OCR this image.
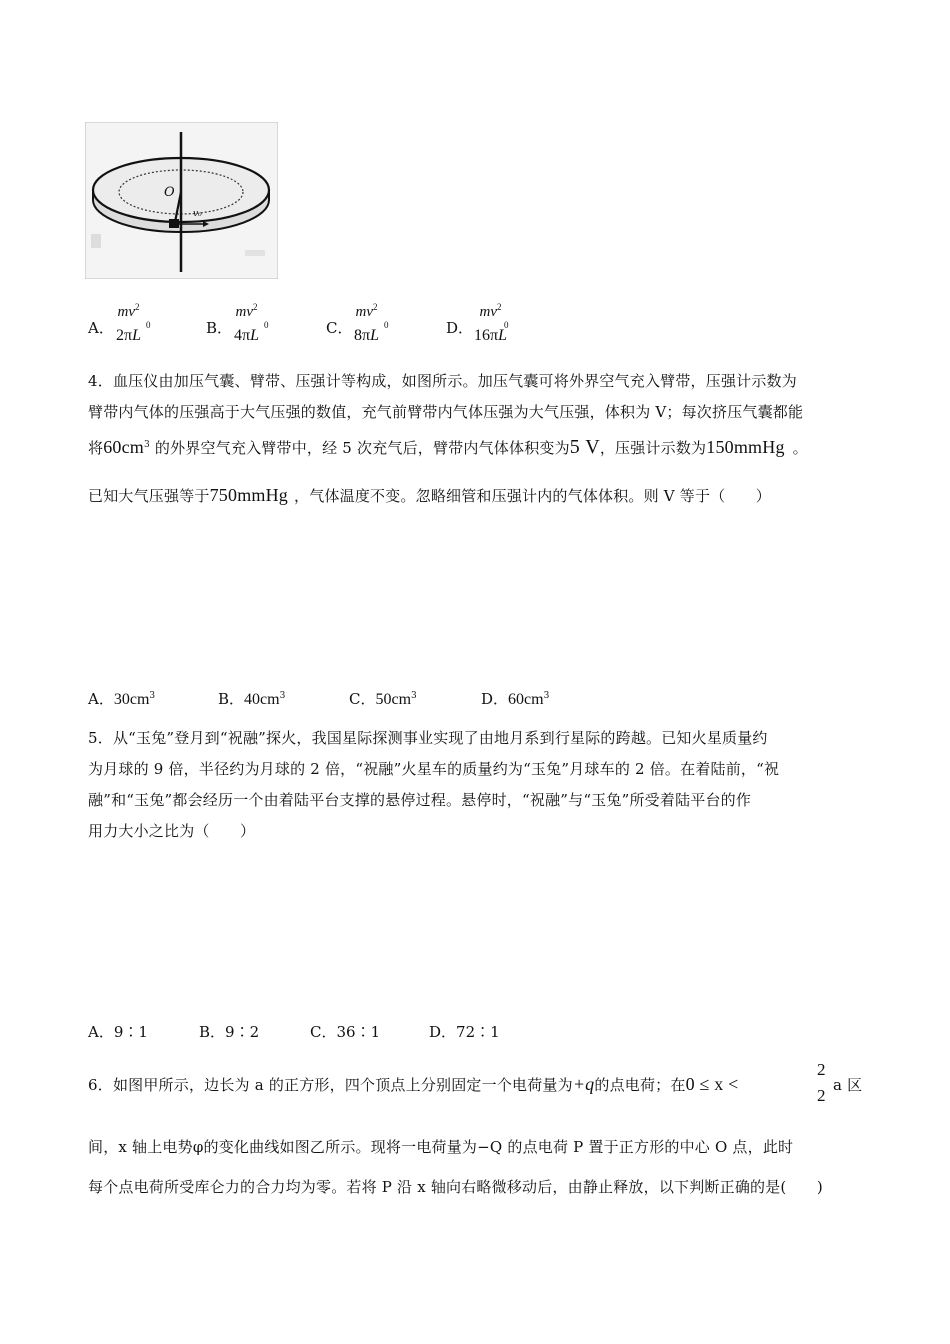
O
v₀
A．
$mv^2$
0
2πL	B．
$mv^2$
0
4πL	C．
$mv^2$
0
8πL	D．
$mv^2$
0
16πL
4．血压仪由加压气囊、臂带、压强计等构成，如图所示。加压气囊可将外界空气充入臂带，压强计示数为
臂带内气体的压强高于大气压强的数值，充气前臂带内气体压强为大气压强，体积为 V；每次挤压气囊都能
将$60cm^3$ 的外界空气充入臂带中，经 5 次充气后，臂带内气体体积变为5 V，压强计示数为150mmHg 。
已知大气压强等于750mmHg ，气体温度不变。忽略细管和压强计内的气体体积。则 V 等于（　　）
A．$30cm^3$	B．$40cm^3$	C．$50cm^3$	D．$60cm^3$
5．从“玉兔”登月到“祝融”探火，我国星际探测事业实现了由地月系到行星际的跨越。已知火星质量约
为月球的 9 倍，半径约为月球的 2 倍，“祝融”火星车的质量约为“玉兔”月球车的 2 倍。在着陆前，“祝
融”和“玉兔”都会经历一个由着陆平台支撑的悬停过程。悬停时，“祝融”与“玉兔”所受着陆平台的作
用力大小之比为（　　）
A．9∶1	B．9∶2	C．36∶1	D．72∶1
6．如图甲所示，边长为 a 的正方形，四个顶点上分别固定一个电荷量为+q的点电荷；在0 ≤ x <
2
2
a 区
间，x 轴上电势φ的变化曲线如图乙所示。现将一电荷量为−Q 的点电荷 P 置于正方形的中心 O 点，此时
每个点电荷所受库仑力的合力均为零。若将 P 沿 x 轴向右略微移动后，由静止释放，以下判断正确的是(　　)
